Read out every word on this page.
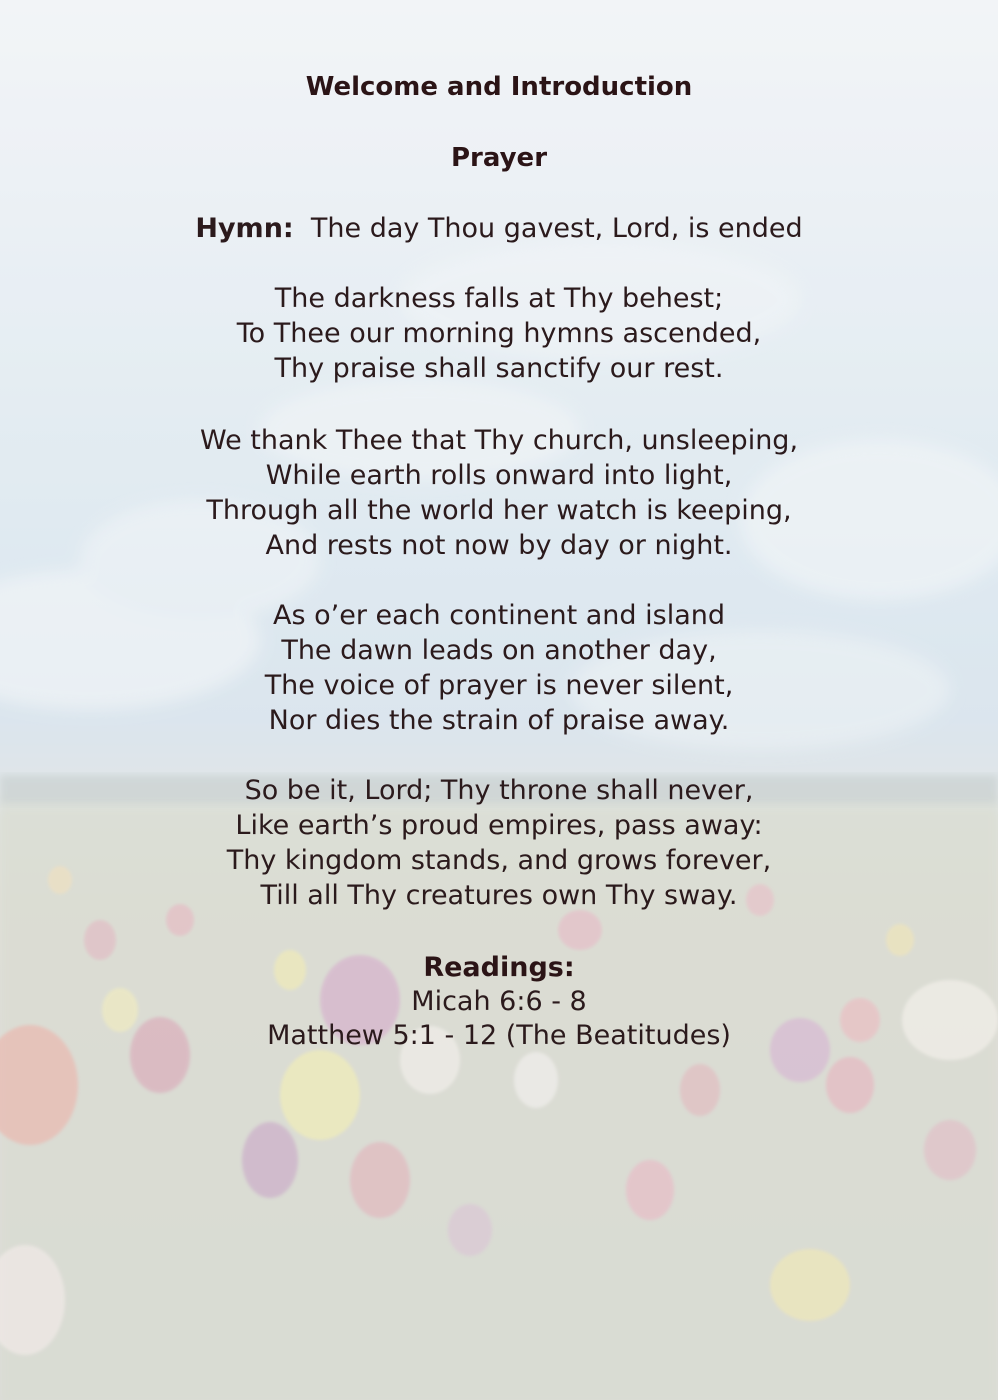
Welcome and Introduction
Prayer
Hymn: The day Thou gavest, Lord, is ended
The darkness falls at Thy behest;
To Thee our morning hymns ascended,
Thy praise shall sanctify our rest.
We thank Thee that Thy church, unsleeping,
While earth rolls onward into light,
Through all the world her watch is keeping,
And rests not now by day or night.
As o’er each continent and island
The dawn leads on another day,
The voice of prayer is never silent,
Nor dies the strain of praise away.
So be it, Lord; Thy throne shall never,
Like earth’s proud empires, pass away:
Thy kingdom stands, and grows forever,
Till all Thy creatures own Thy sway.
Readings:
Micah 6:6 - 8
Matthew 5:1 - 12 (The Beatitudes)
